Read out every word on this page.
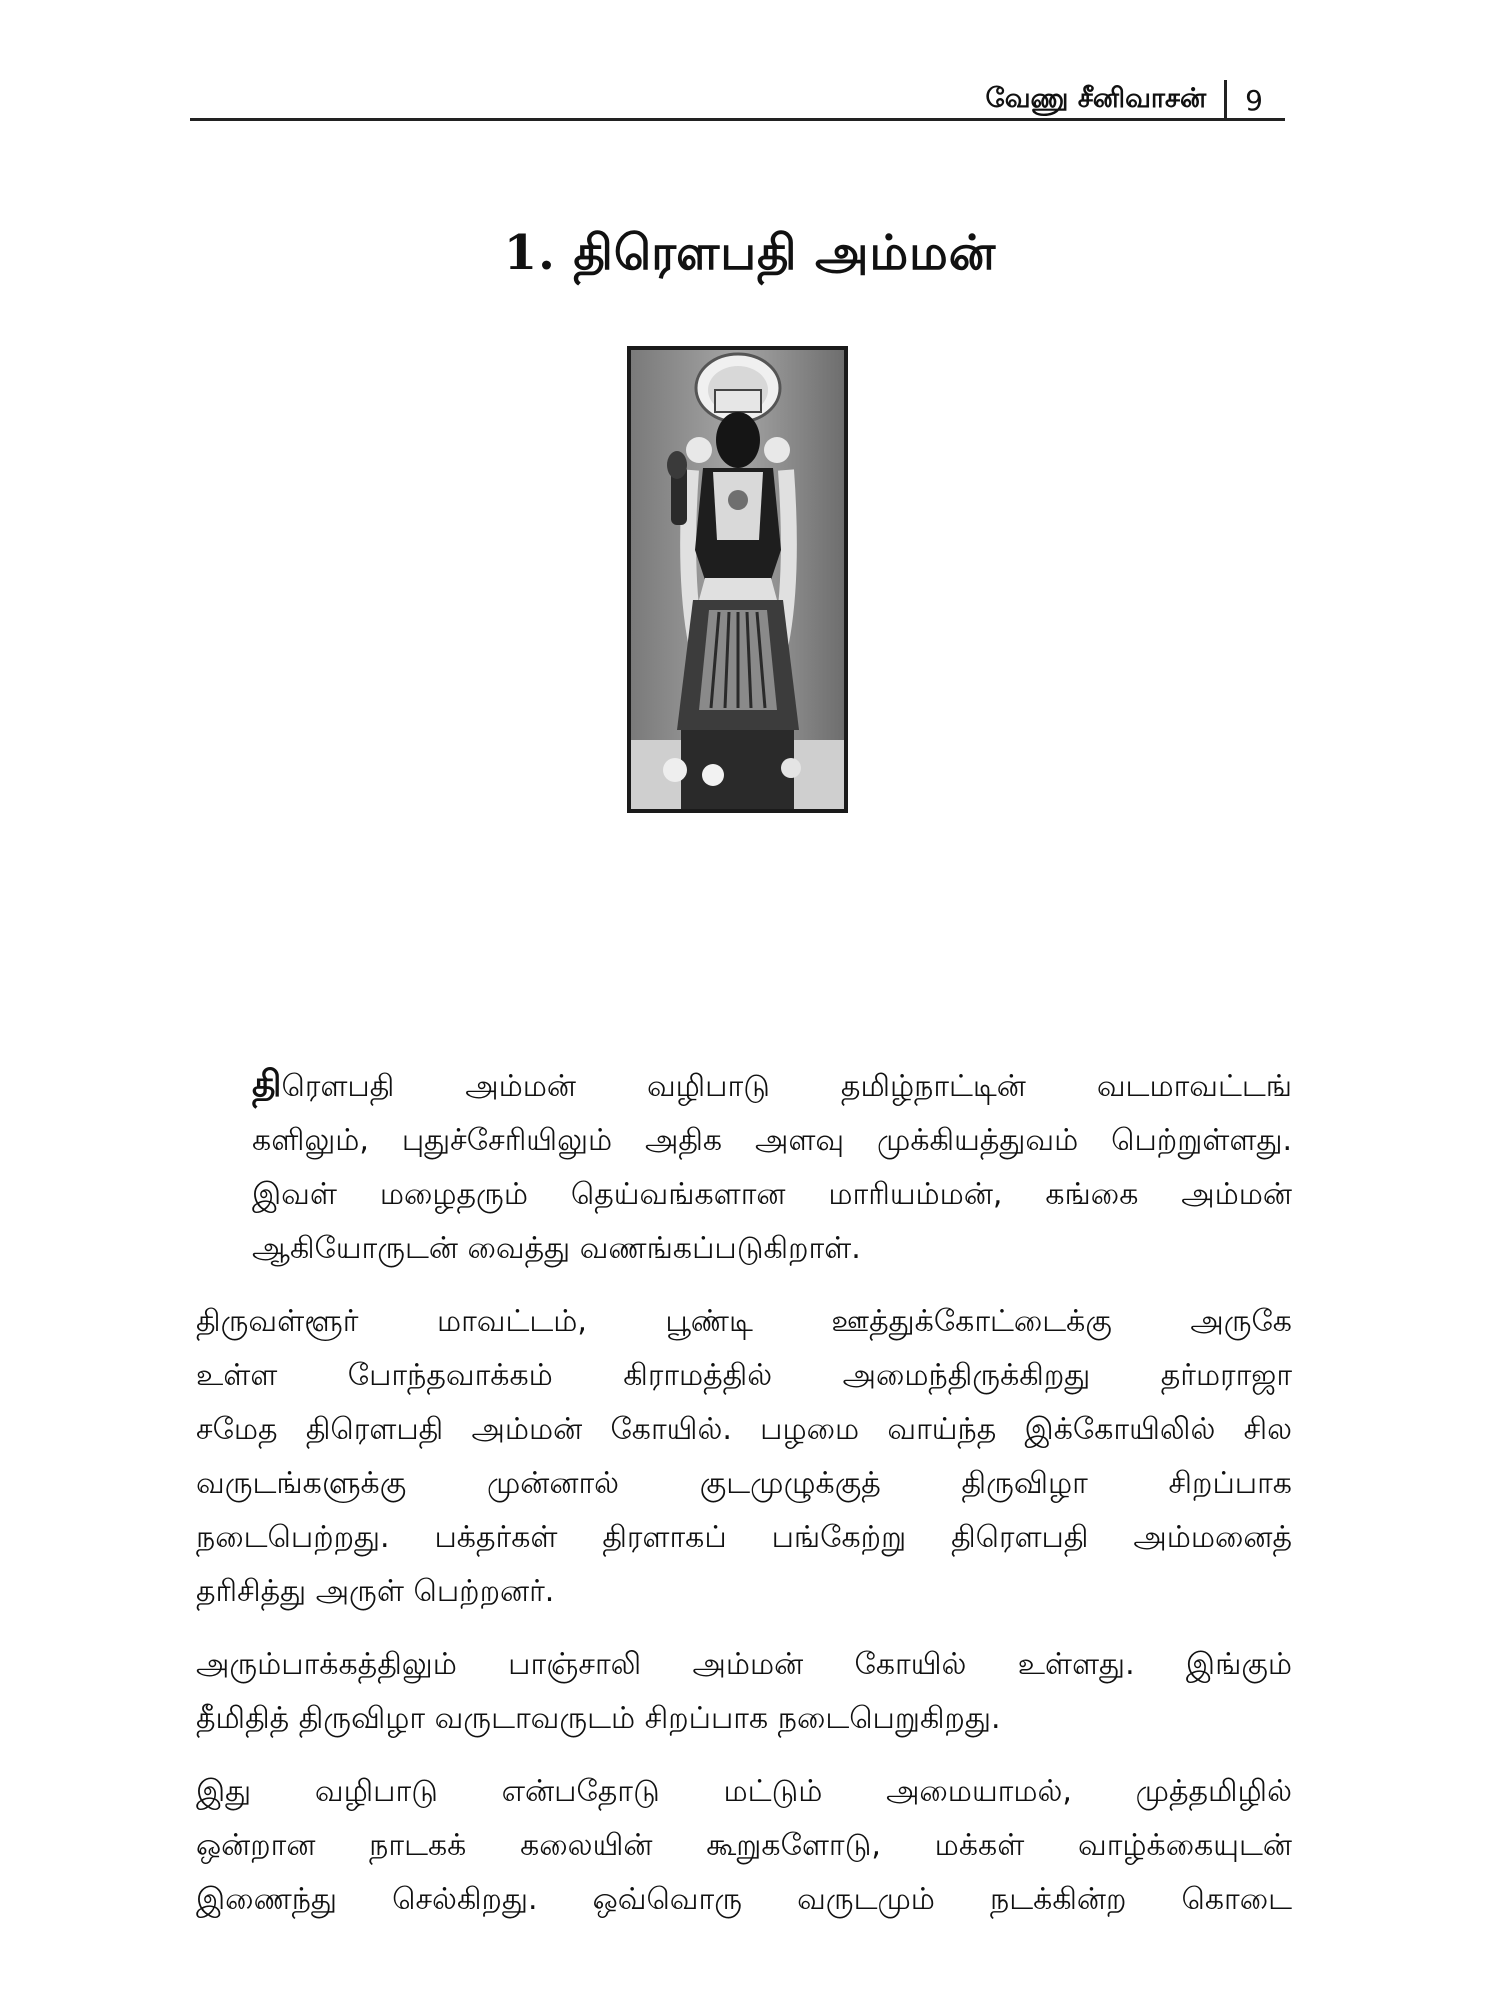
வேணு சீனிவாசன் 9
1. திரௌபதி அம்மன்
திரௌபதி அம்மன் வழிபாடு தமிழ்நாட்டின் வடமாவட்டங்
களிலும், புதுச்சேரியிலும் அதிக அளவு முக்கியத்துவம் பெற்றுள்ளது.
இவள் மழைதரும் தெய்வங்களான மாரியம்மன், கங்கை அம்மன்
ஆகியோருடன் வைத்து வணங்கப்படுகிறாள்.
திருவள்ளூர் மாவட்டம், பூண்டி ஊத்துக்கோட்டைக்கு அருகே
உள்ள போந்தவாக்கம் கிராமத்தில் அமைந்திருக்கிறது தர்மராஜா
சமேத திரௌபதி அம்மன் கோயில். பழமை வாய்ந்த இக்கோயிலில் சில
வருடங்களுக்கு முன்னால் குடமுழுக்குத் திருவிழா சிறப்பாக
நடைபெற்றது. பக்தர்கள் திரளாகப் பங்கேற்று திரௌபதி அம்மனைத்
தரிசித்து அருள் பெற்றனர்.
அரும்பாக்கத்திலும் பாஞ்சாலி அம்மன் கோயில் உள்ளது. இங்கும்
தீமிதித் திருவிழா வருடாவருடம் சிறப்பாக நடைபெறுகிறது.
இது வழிபாடு என்பதோடு மட்டும் அமையாமல், முத்தமிழில்
ஒன்றான நாடகக் கலையின் கூறுகளோடு, மக்கள் வாழ்க்கையுடன்
இணைந்து செல்கிறது. ஒவ்வொரு வருடமும் நடக்கின்ற கொடை
